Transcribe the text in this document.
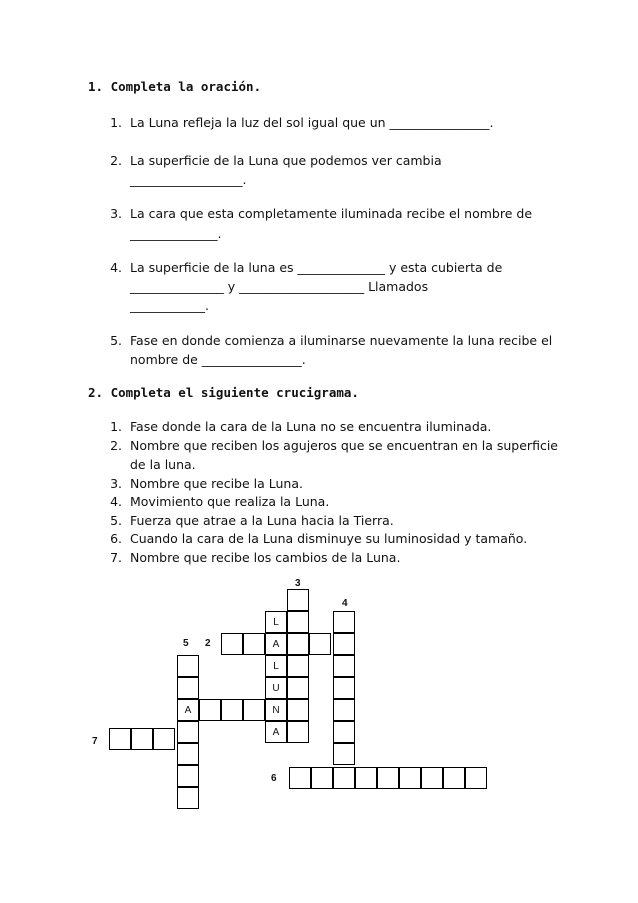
1. Completa la oración.
1. La Luna refleja la luz del sol igual que un ________________.
2. La superficie de la Luna que podemos ver cambia
__________________.
3. La cara que esta completamente iluminada recibe el nombre de
______________.
4. La superficie de la luna es ______________ y esta cubierta de
_______________ y ____________________ Llamados
____________.
5. Fase en donde comienza a iluminarse nuevamente la luna recibe el
nombre de ________________.
2. Completa el siguiente crucigrama.
1. Fase donde la cara de la Luna no se encuentra iluminada.
2. Nombre que reciben los agujeros que se encuentran en la superficie
de la luna.
3. Nombre que recibe la Luna.
4. Movimiento que realiza la Luna.
5. Fuerza que atrae a la Luna hacia la Tierra.
6. Cuando la cara de la Luna disminuye su luminosidad y tamaño.
7. Nombre que recibe los cambios de la Luna.
3
4
5 2
7
6
L
A
L
U
N
A
A
